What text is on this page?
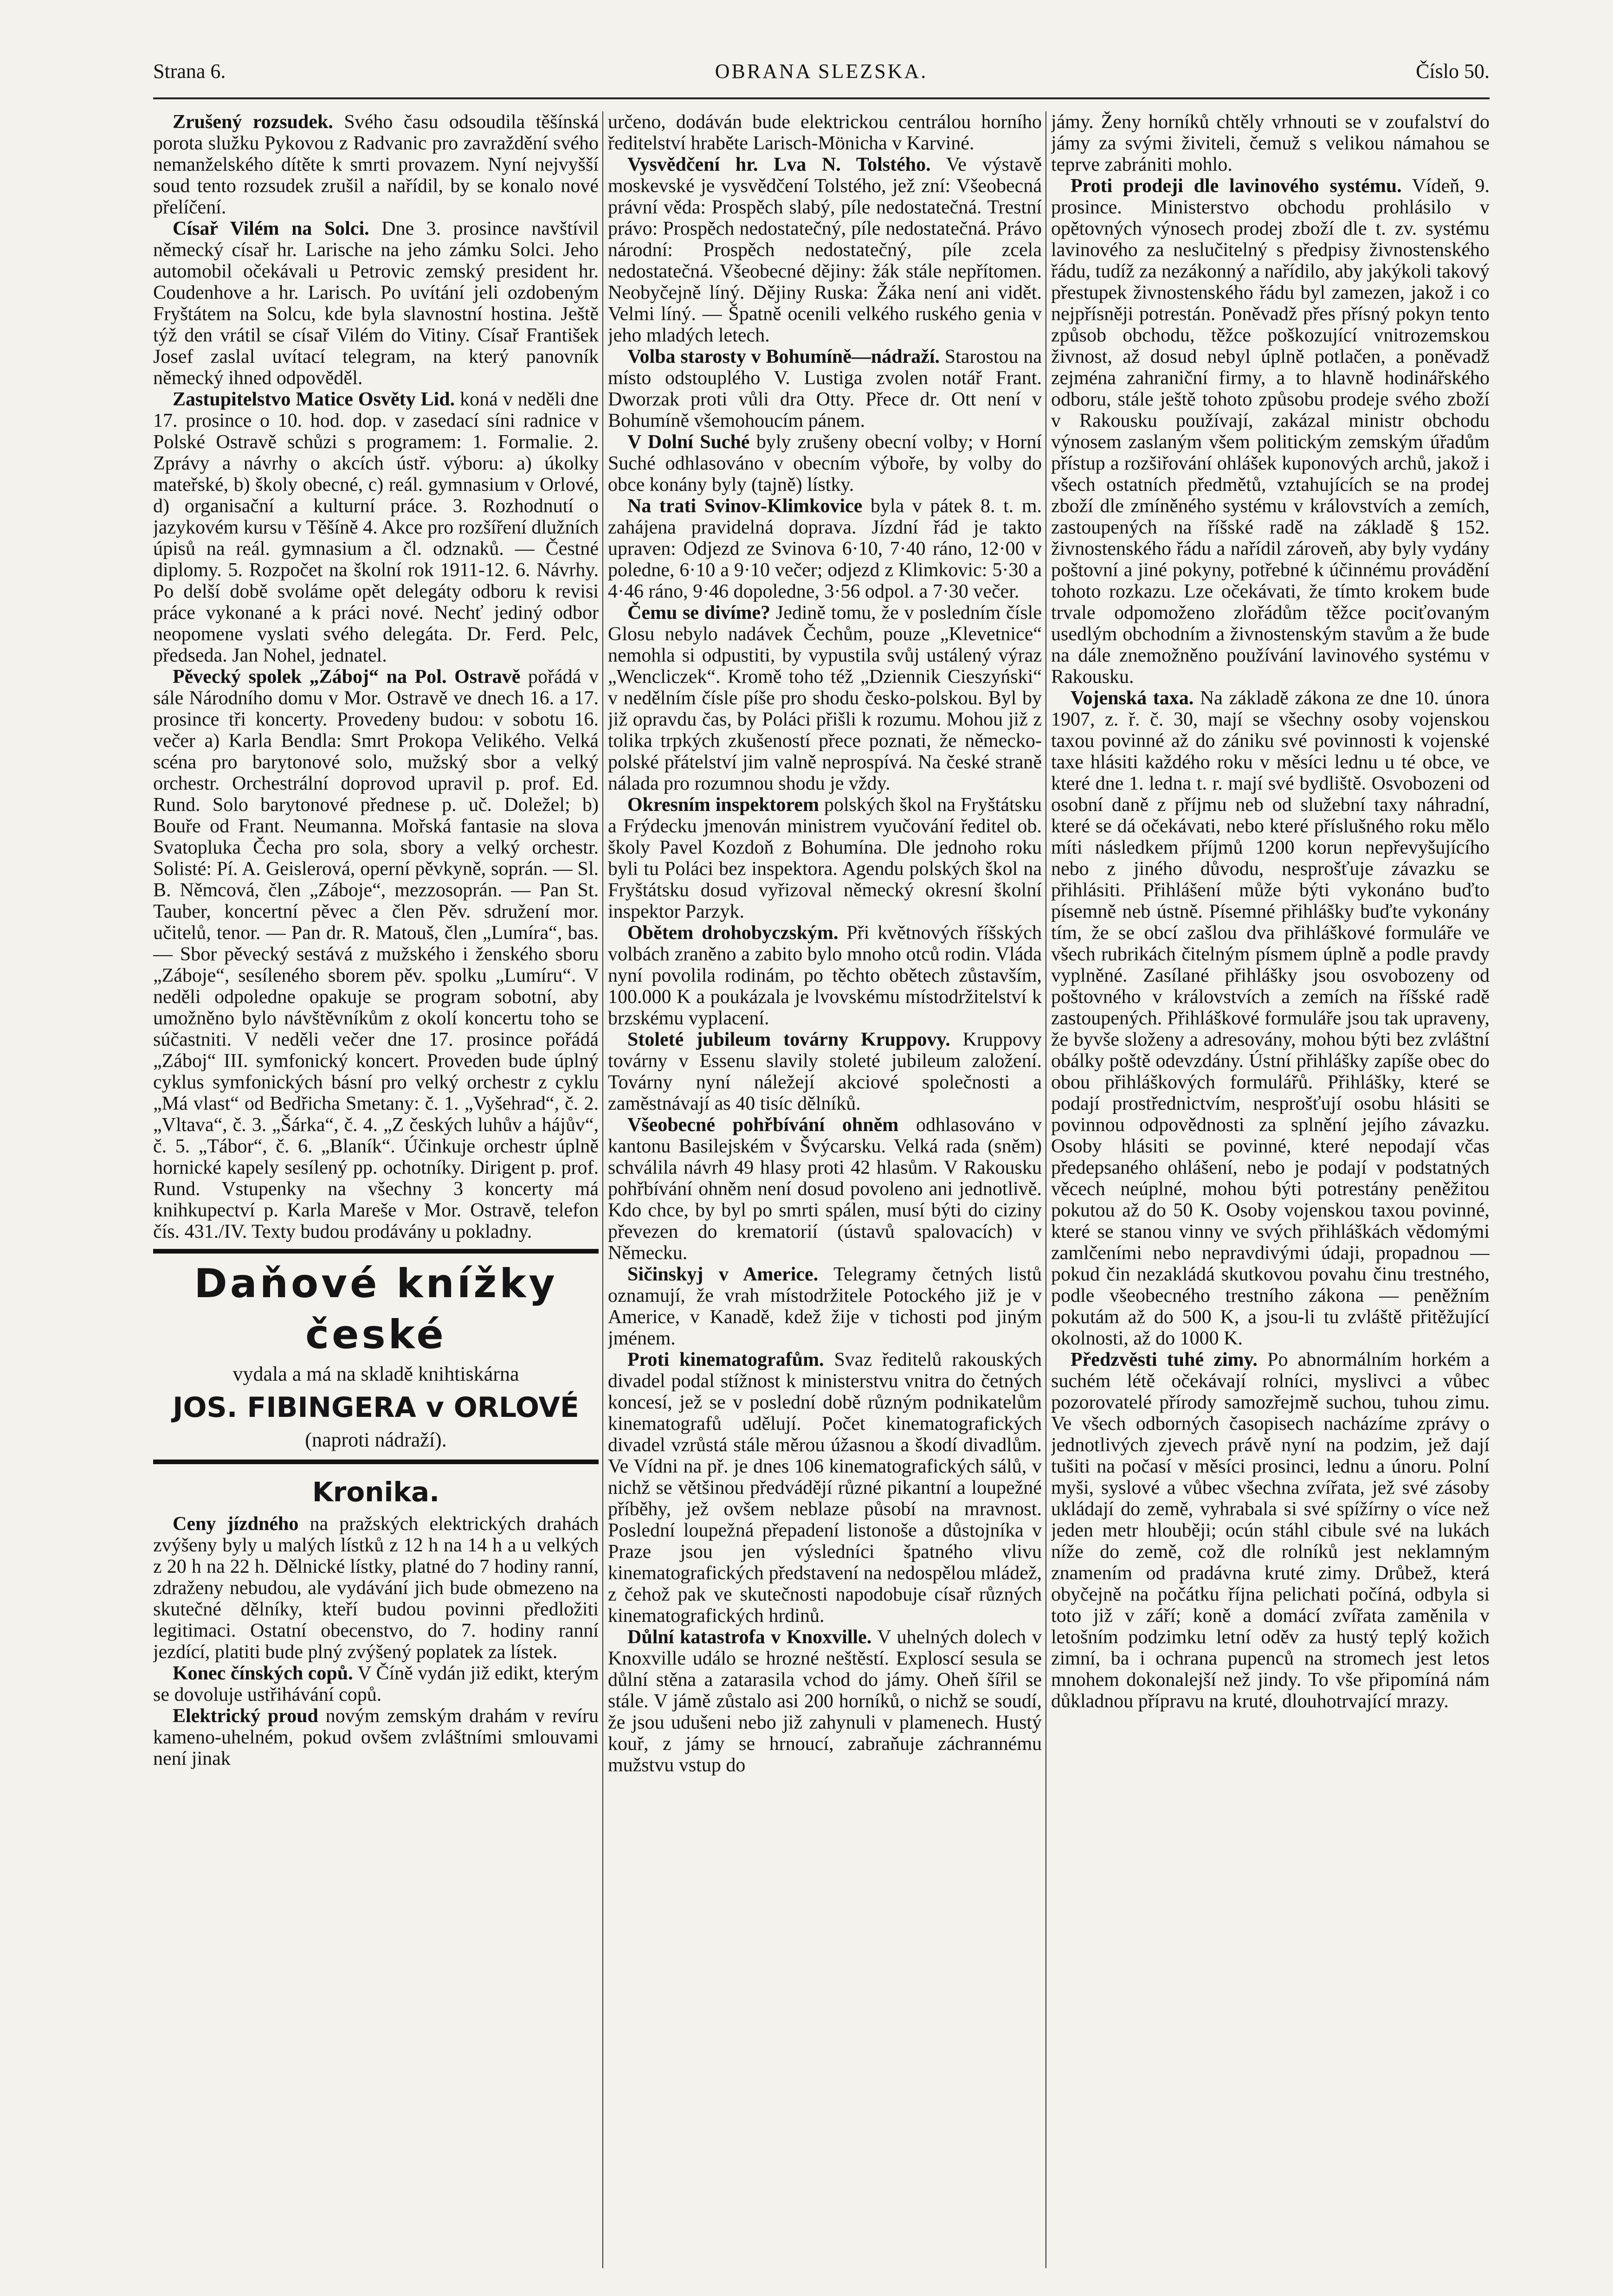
Strana 6.	OBRANA SLEZSKA.	Číslo 50.

Zrušený rozsudek. Svého času odsoudila těšínská porota služku Pykovou z Radvanic pro zavraždění svého nemanželského dítěte k smrti provazem. Nyní nejvyšší soud tento rozsudek zrušil a nařídil, by se konalo nové přelíčení.

Císař Vilém na Solci. Dne 3. prosince navštívil německý císař hr. Larische na jeho zámku Solci. Jeho automobil očekávali u Petrovic zemský president hr. Coudenhove a hr. Larisch. Po uvítání jeli ozdobeným Fryštátem na Solcu, kde byla slavnostní hostina. Ještě týž den vrátil se císař Vilém do Vitiny. Císař František Josef zaslal uvítací telegram, na který panovník německý ihned odpověděl.

Zastupitelstvo Matice Osvěty Lid. koná v neděli dne 17. prosince o 10. hod. dop. v zasedací síni radnice v Polské Ostravě schůzi s programem: 1. Formalie. 2. Zprávy a návrhy o akcích ústř. výboru: a) úkolky mateřské, b) školy obecné, c) reál. gymnasium v Orlové, d) organisační a kulturní práce. 3. Rozhodnutí o jazykovém kursu v Těšíně 4. Akce pro rozšíření dlužních úpisů na reál. gymnasium a čl. odznaků. — Čestné diplomy. 5. Rozpočet na školní rok 1911-12. 6. Návrhy. Po delší době svoláme opět delegáty odboru k revisi práce vykonané a k práci nové. Nechť jediný odbor neopomene vyslati svého delegáta. Dr. Ferd. Pelc, předseda. Jan Nohel, jednatel.

Pěvecký spolek „Záboj“ na Pol. Ostravě pořádá v sále Národního domu v Mor. Ostravě ve dnech 16. a 17. prosince tři koncerty. Provedeny budou: v sobotu 16. večer a) Karla Bendla: Smrt Prokopa Velikého. Velká scéna pro barytonové solo, mužský sbor a velký orchestr. Orchestrální doprovod upravil p. prof. Ed. Rund. Solo barytonové přednese p. uč. Doležel; b) Bouře od Frant. Neumanna. Mořská fantasie na slova Svatopluka Čecha pro sola, sbory a velký orchestr. Solisté: Pí. A. Geislerová, operní pěvkyně, soprán. — Sl. B. Němcová, člen „Záboje“, mezzosoprán. — Pan St. Tauber, koncertní pěvec a člen Pěv. sdružení mor. učitelů, tenor. — Pan dr. R. Matouš, člen „Lumíra“, bas. — Sbor pěvecký sestává z mužského i ženského sboru „Záboje“, sesíleného sborem pěv. spolku „Lumíru“. V neděli odpoledne opakuje se program sobotní, aby umožněno bylo návštěvníkům z okolí koncertu toho se súčastniti. V neděli večer dne 17. prosince pořádá „Záboj“ III. symfonický koncert. Proveden bude úplný cyklus symfonických básní pro velký orchestr z cyklu „Má vlast“ od Bedřicha Smetany: č. 1. „Vyšehrad“, č. 2. „Vltava“, č. 3. „Šárka“, č. 4. „Z českých luhův a hájův“, č. 5. „Tábor“, č. 6. „Blaník“. Účinkuje orchestr úplně hornické kapely sesílený pp. ochotníky. Dirigent p. prof. Rund. Vstupenky na všechny 3 koncerty má knihkupectví p. Karla Mareše v Mor. Ostravě, telefon čís. 431./IV. Texty budou prodávány u pokladny.

Daňové knížky české
vydala a má na skladě knihtiskárna
JOS. FIBINGERA v ORLOVÉ
(naproti nádraží).
Kronika.

Ceny jízdného na pražských elektrických drahách zvýšeny byly u malých lístků z 12 h na 14 h a u velkých z 20 h na 22 h. Dělnické lístky, platné do 7 hodiny ranní, zdraženy nebudou, ale vydávání jich bude obmezeno na skutečné dělníky, kteří budou povinni předložiti legitimaci. Ostatní obecenstvo, do 7. hodiny ranní jezdící, platiti bude plný zvýšený poplatek za lístek.

Konec čínských copů. V Číně vydán již edikt, kterým se dovoluje ustřihávání copů.

Elektrický proud novým zemským drahám v revíru kameno-uhelném, pokud ovšem zvláštními smlouvami není jinak

určeno, dodáván bude elektrickou centrálou horního ředitelství hraběte Larisch-Mönicha v Karviné.

Vysvědčení hr. Lva N. Tolstého. Ve výstavě moskevské je vysvědčení Tolstého, jež zní: Všeobecná právní věda: Prospěch slabý, píle nedostatečná. Trestní právo: Prospěch nedostatečný, píle nedostatečná. Právo národní: Prospěch nedostatečný, píle zcela nedostatečná. Všeobecné dějiny: žák stále nepřítomen. Neobyčejně líný. Dějiny Ruska: Žáka není ani vidět. Velmi líný. — Špatně ocenili velkého ruského genia v jeho mladých letech.

Volba starosty v Bohumíně—nádraží. Starostou na místo odstouplého V. Lustiga zvolen notář Frant. Dworzak proti vůli dra Otty. Přece dr. Ott není v Bohumíně všemohoucím pánem.

V Dolní Suché byly zrušeny obecní volby; v Horní Suché odhlasováno v obecním výboře, by volby do obce konány byly (tajně) lístky.

Na trati Svinov-Klimkovice byla v pátek 8. t. m. zahájena pravidelná doprava. Jízdní řád je takto upraven: Odjezd ze Svinova 6·10, 7·40 ráno, 12·00 v poledne, 6·10 a 9·10 večer; odjezd z Klimkovic: 5·30 a 4·46 ráno, 9·46 dopoledne, 3·56 odpol. a 7·30 večer.

Čemu se divíme? Jedině tomu, že v posledním čísle Glosu nebylo nadávek Čechům, pouze „Klevetnice“ nemohla si odpustiti, by vypustila svůj ustálený výraz „Wencliczek“. Kromě toho též „Dziennik Cieszyński“ v nedělním čísle píše pro shodu česko-polskou. Byl by již opravdu čas, by Poláci přišli k rozumu. Mohou již z tolika trpkých zkušeností přece poznati, že německo-polské přátelství jim valně neprospívá. Na české straně nálada pro rozumnou shodu je vždy.

Okresním inspektorem polských škol na Fryštátsku a Frýdecku jmenován ministrem vyučování ředitel ob. školy Pavel Kozdoň z Bohumína. Dle jednoho roku byli tu Poláci bez inspektora. Agendu polských škol na Fryštátsku dosud vyřizoval německý okresní školní inspektor Parzyk.

Obětem drohobyczským. Při květnových říšských volbách zraněno a zabito bylo mnoho otců rodin. Vláda nyní povolila rodinám, po těchto obětech zůstavším, 100.000 K a poukázala je lvovskému místodržitelství k brzskému vyplacení.

Stoleté jubileum továrny Kruppovy. Kruppovy továrny v Essenu slavily stoleté jubileum založení. Továrny nyní náležejí akciové společnosti a zaměstnávají as 40 tisíc dělníků.

Všeobecné pohřbívání ohněm odhlasováno v kantonu Basilejském v Švýcarsku. Velká rada (sněm) schválila návrh 49 hlasy proti 42 hlasům. V Rakousku pohřbívání ohněm není dosud povoleno ani jednotlivě. Kdo chce, by byl po smrti spálen, musí býti do ciziny převezen do krematorií (ústavů spalovacích) v Německu.

Sičinskyj v Americe. Telegramy četných listů oznamují, že vrah místodržitele Potockého již je v Americe, v Kanadě, kdež žije v tichosti pod jiným jménem.

Proti kinematografům. Svaz ředitelů rakouských divadel podal stížnost k ministerstvu vnitra do četných koncesí, jež se v poslední době různým podnikatelům kinematografů udělují. Počet kinematografických divadel vzrůstá stále měrou úžasnou a škodí divadlům. Ve Vídni na př. je dnes 106 kinematografických sálů, v nichž se většinou předvádějí různé pikantní a loupežné příběhy, jež ovšem neblaze působí na mravnost. Poslední loupežná přepadení listonoše a důstojníka v Praze jsou jen výsledníci špatného vlivu kinematografických představení na nedospělou mládež, z čehož pak ve skutečnosti napodobuje císař různých kinematografických hrdinů.

Důlní katastrofa v Knoxville. V uhelných dolech v Knoxville událo se hrozné neštěstí. Exploscí sesula se důlní stěna a zatarasila vchod do jámy. Oheň šířil se stále. V jámě zůstalo asi 200 horníků, o nichž se soudí, že jsou udušeni nebo již zahynuli v plamenech. Hustý kouř, z jámy se hrnoucí, zabraňuje záchrannému mužstvu vstup do

jámy. Ženy horníků chtěly vrhnouti se v zoufalství do jámy za svými živiteli, čemuž s velikou námahou se teprve zabrániti mohlo.

Proti prodeji dle lavinového systému. Vídeň, 9. prosince. Ministerstvo obchodu prohlásilo v opětovných výnosech prodej zboží dle t. zv. systému lavinového za neslučitelný s předpisy živnostenského řádu, tudíž za nezákonný a nařídilo, aby jakýkoli takový přestupek živnostenského řádu byl zamezen, jakož i co nejpřísněji potrestán. Poněvadž přes přísný pokyn tento způsob obchodu, těžce poškozující vnitrozemskou živnost, až dosud nebyl úplně potlačen, a poněvadž zejména zahraniční firmy, a to hlavně hodinářského odboru, stále ještě tohoto způsobu prodeje svého zboží v Rakousku používají, zakázal ministr obchodu výnosem zaslaným všem politickým zemským úřadům přístup a rozšiřování ohlášek kuponových archů, jakož i všech ostatních předmětů, vztahujících se na prodej zboží dle zmíněného systému v královstvích a zemích, zastoupených na říšské radě na základě § 152. živnostenského řádu a nařídil zároveň, aby byly vydány poštovní a jiné pokyny, potřebné k účinnému provádění tohoto rozkazu. Lze očekávati, že tímto krokem bude trvale odpomoženo zlořádům těžce pociťovaným usedlým obchodním a živnostenským stavům a že bude na dále znemožněno používání lavinového systému v Rakousku.

Vojenská taxa. Na základě zákona ze dne 10. února 1907, z. ř. č. 30, mají se všechny osoby vojenskou taxou povinné až do zániku své povinnosti k vojenské taxe hlásiti každého roku v měsíci lednu u té obce, ve které dne 1. ledna t. r. mají své bydliště. Osvobozeni od osobní daně z příjmu neb od služební taxy náhradní, které se dá očekávati, nebo které příslušného roku mělo míti následkem příjmů 1200 korun nepřevyšujícího nebo z jiného důvodu, nesprošťuje závazku se přihlásiti. Přihlášení může býti vykonáno buďto písemně neb ústně. Písemné přihlášky buďte vykonány tím, že se obcí zašlou dva přihláškové formuláře ve všech rubrikách čitelným písmem úplně a podle pravdy vyplněné. Zasílané přihlášky jsou osvobozeny od poštovného v královstvích a zemích na říšské radě zastoupených. Přihláškové formuláře jsou tak upraveny, že byvše složeny a adresovány, mohou býti bez zvláštní obálky poště odevzdány. Ústní přihlášky zapíše obec do obou přihláškových formulářů. Přihlášky, které se podají prostřednictvím, nesprošťují osobu hlásiti se povinnou odpovědnosti za splnění jejího závazku. Osoby hlásiti se povinné, které nepodají včas předepsaného ohlášení, nebo je podají v podstatných věcech neúplné, mohou býti potrestány peněžitou pokutou až do 50 K. Osoby vojenskou taxou povinné, které se stanou vinny ve svých přihláškách vědomými zamlčeními nebo nepravdivými údaji, propadnou — pokud čin nezakládá skutkovou povahu činu trestného, podle všeobecného trestního zákona — peněžním pokutám až do 500 K, a jsou-li tu zvláště přitěžující okolnosti, až do 1000 K.

Předzvěsti tuhé zimy. Po abnormálním horkém a suchém létě očekávají rolníci, myslivci a vůbec pozorovatelé přírody samozřejmě suchou, tuhou zimu. Ve všech odborných časopisech nacházíme zprávy o jednotlivých zjevech právě nyní na podzim, jež dají tušiti na počasí v měsíci prosinci, lednu a únoru. Polní myši, syslové a vůbec všechna zvířata, jež své zásoby ukládají do země, vyhrabala si své spížírny o více než jeden metr hlouběji; ocún stáhl cibule své na lukách níže do země, což dle rolníků jest neklamným znamením od pradávna kruté zimy. Drůbež, která obyčejně na počátku října pelichati počíná, odbyla si toto již v září; koně a domácí zvířata zaměnila v letošním podzimku letní oděv za hustý teplý kožich zimní, ba i ochrana pupenců na stromech jest letos mnohem dokonalejší než jindy. To vše připomíná nám důkladnou přípravu na kruté, dlouhotrvající mrazy.
